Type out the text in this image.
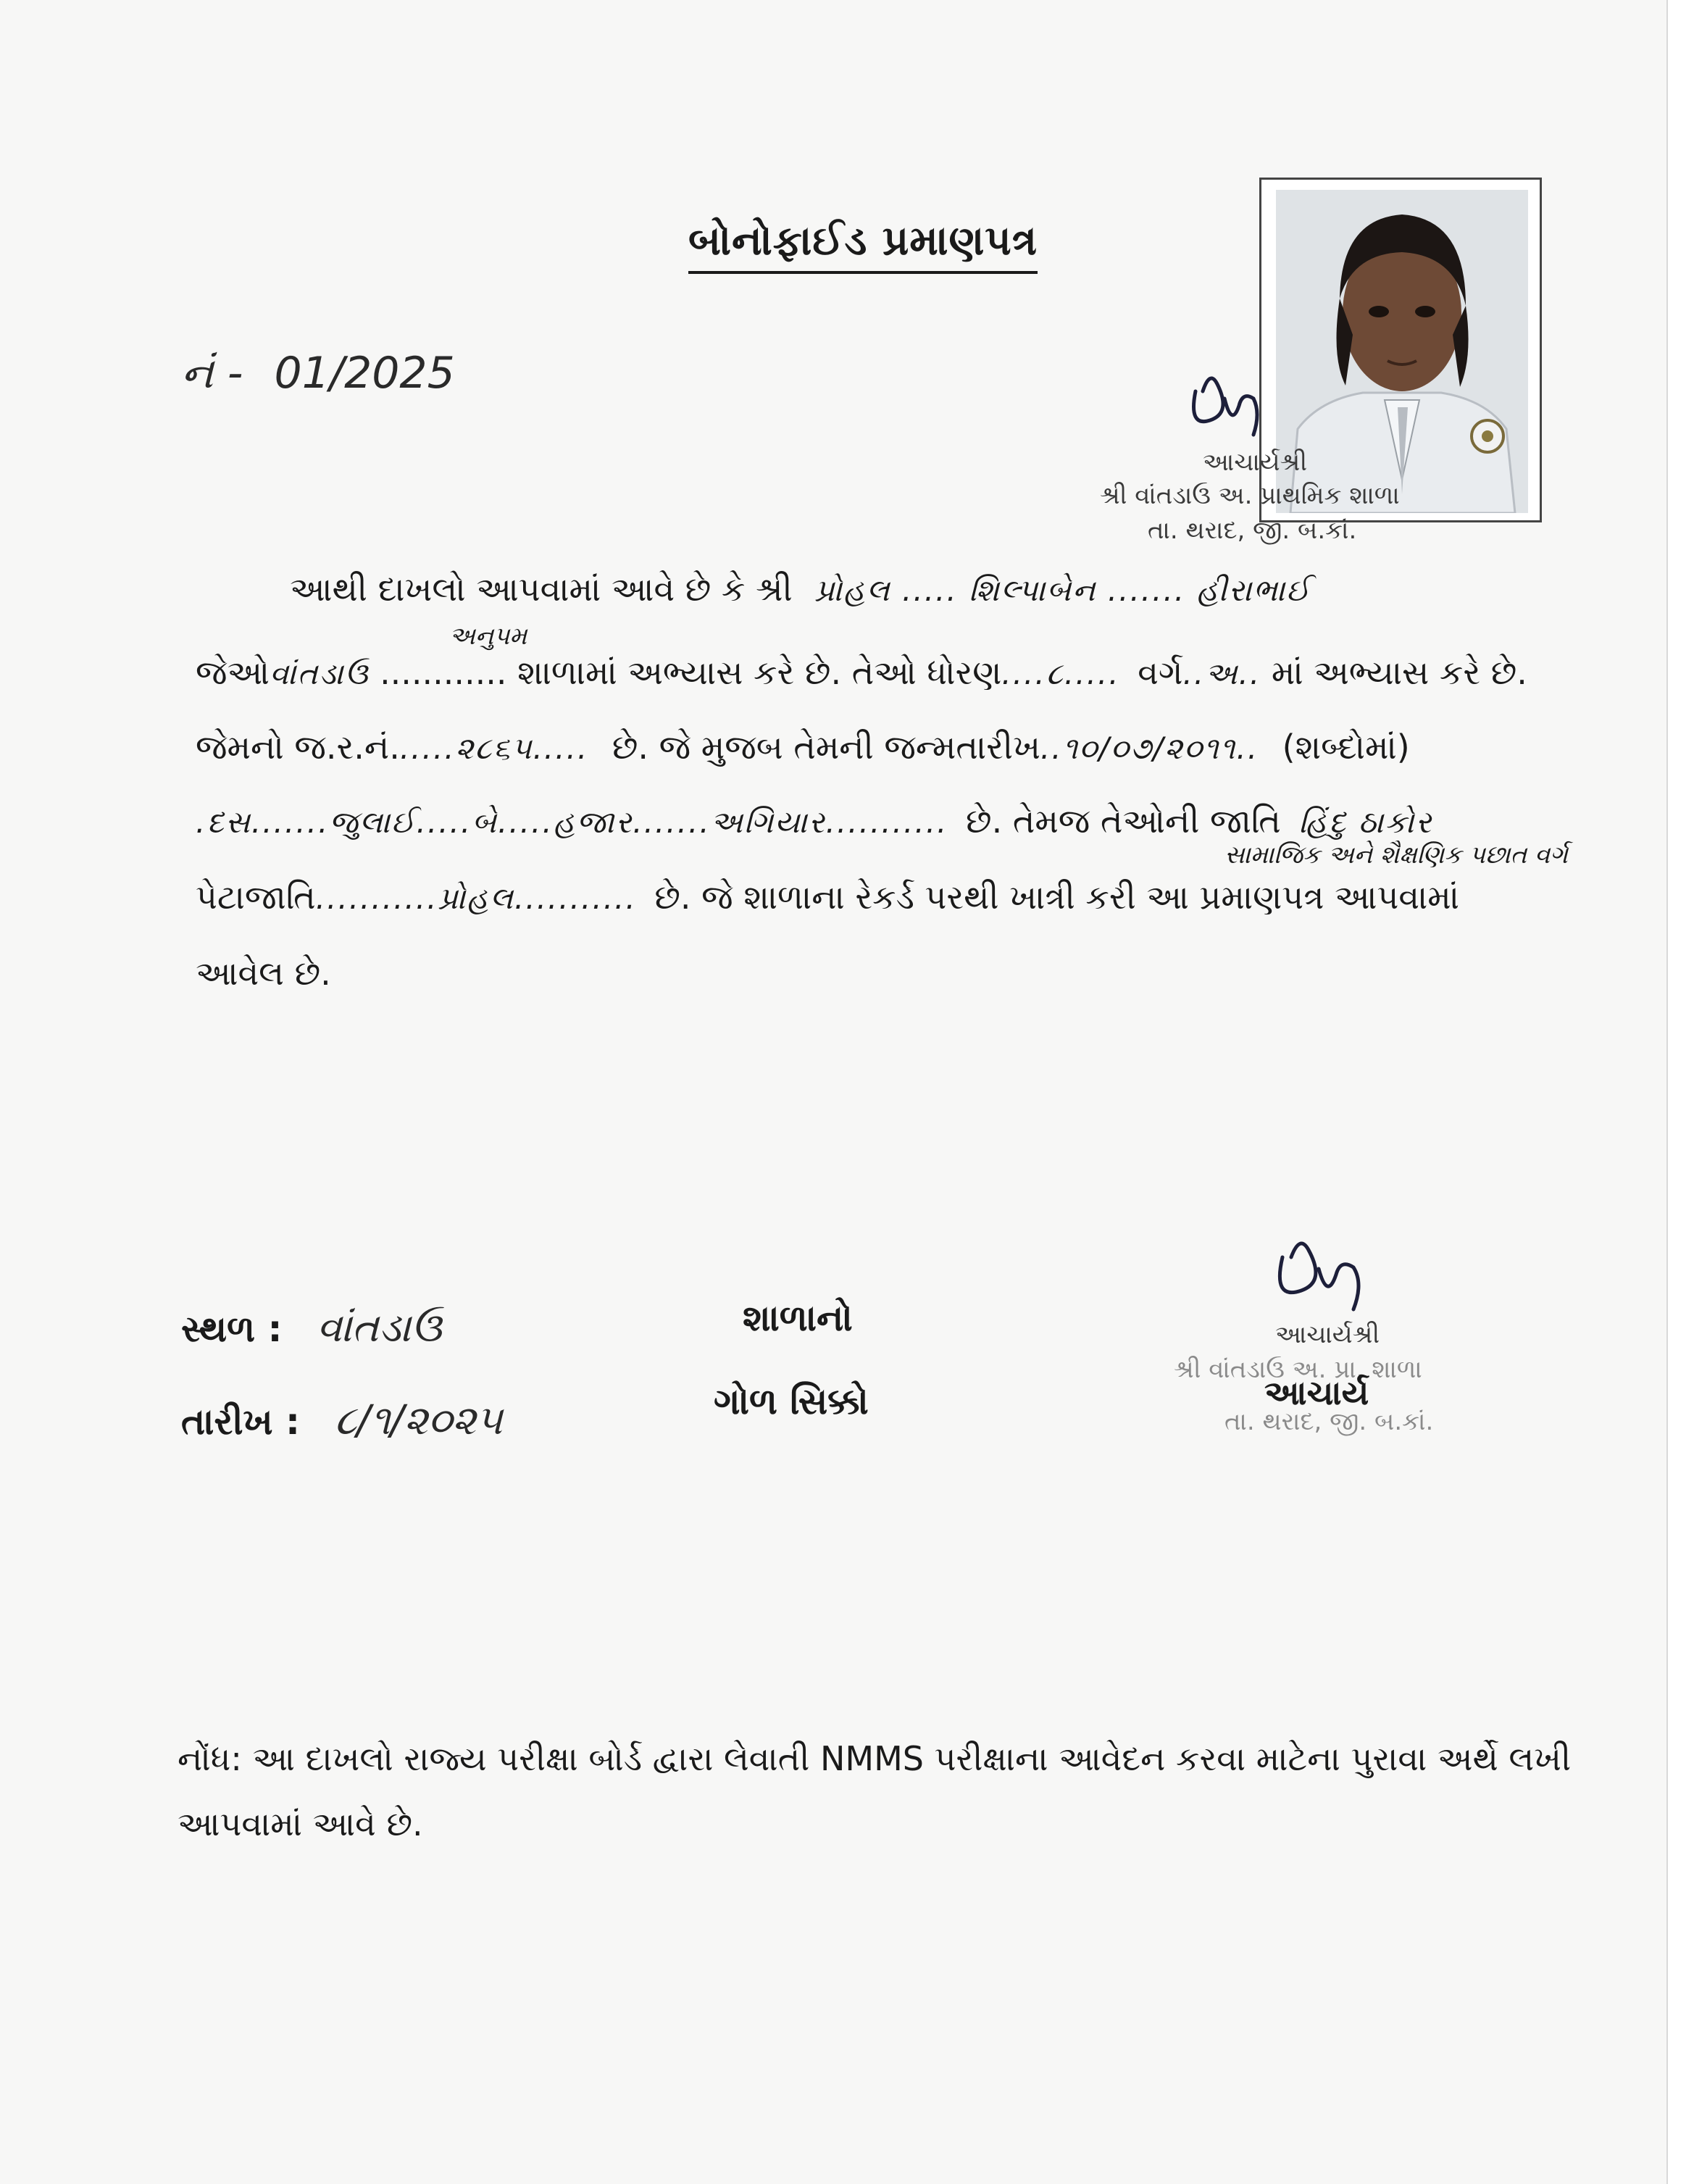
બોનોફાઈડ પ્રમાણપત્ર
નં - 01/2025
આચાર્યશ્રી
શ્રી વાંતડાઉ અ. પ્રાથમિક શાળા
તા. થરાદ, જી. બ.કાં.
આથી દાખલો આપવામાં આવે છે કે શ્રી પ્રોહલ ..... શિલ્પાબેન ....... હીરાભાઈ
અનુપમ
જેઓવાંતડાઉ ............ શાળામાં અભ્યાસ કરે છે. તેઓ ધોરણ....૮..... વર્ગ..અ.. માં અભ્યાસ કરે છે.
જેમનો જ.ર.નં......૨૮૬૫..... છે. જે મુજબ તેમની જન્મતારીખ..૧૦/૦૭/૨૦૧૧.. (શબ્દોમાં)
.દસ.......જુલાઈ.....બે.....હજાર.......અગિયાર........... છે. તેમજ તેઓની જાતિ હિંદુ ઠાકોર
સામાજિક અને શૈક્ષણિક પછાત વર્ગ
પેટાજાતિ...........પ્રોહલ........... છે. જે શાળાના રેકર્ડ પરથી ખાત્રી કરી આ પ્રમાણપત્ર આપવામાં
આવેલ છે.
સ્થળ : વાંતડાઉ
તારીખ : ૮/૧/૨૦૨૫
શાળાનો
ગોળ સિક્કો
આચાર્યશ્રી
શ્રી વાંતડાઉ અ. પ્રા. શાળા
આચાર્ય
તા. થરાદ, જી. બ.કાં.
નોંધ: આ દાખલો રાજ્ય પરીક્ષા બોર્ડ દ્વારા લેવાતી NMMS પરીક્ષાના આવેદન કરવા માટેના પુરાવા અર્થે લખી
આપવામાં આવે છે.
